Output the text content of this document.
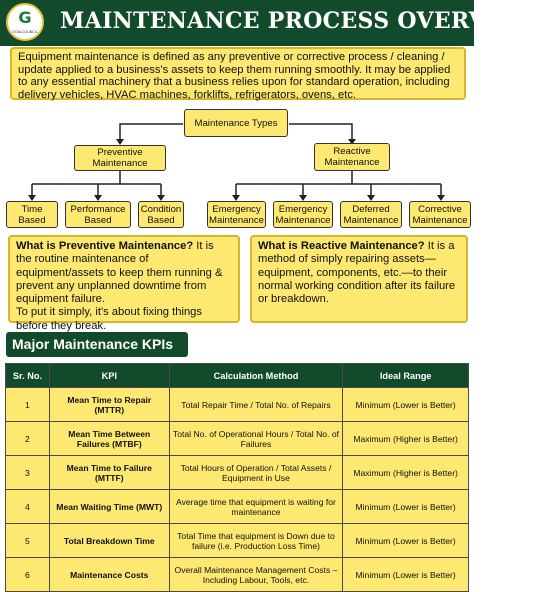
G
GOALCOUNCIL MAINTENANCE PROCESS OVERVIEW
Equipment maintenance is defined as any preventive or corrective process / cleaning / update applied to a business's assets to keep them running smoothly. It may be applied to any essential machinery that a business relies upon for standard operation, including delivery vehicles, HVAC machines, forklifts, refrigerators, ovens, etc.
Maintenance Types
Preventive Maintenance
Reactive Maintenance
Time Based
Performance Based
Condition Based
Emergency Maintenance
Emergency Maintenance
Deferred Maintenance
Corrective Maintenance
What is Preventive Maintenance? It is the routine maintenance of equipment/assets to keep them running & prevent any unplanned downtime from equipment failure.
To put it simply, it's about fixing things before they break.
What is Reactive Maintenance? It is a method of simply repairing assets—equipment, components, etc.—to their normal working condition after its failure or breakdown.
Major Maintenance KPIs
Sr. No.	KPI	Calculation Method	Ideal Range
1	Mean Time to Repair (MTTR)	Total Repair Time / Total No. of Repairs	Minimum (Lower is Better)
2	Mean Time Between Failures (MTBF)	Total No. of Operational Hours / Total No. of Failures	Maximum (Higher is Better)
3	Mean Time to Failure (MTTF)	Total Hours of Operation / Total Assets / Equipment in Use	Maximum (Higher is Better)
4	Mean Waiting Time (MWT)	Average time that equipment is waiting for maintenance	Minimum (Lower is Better)
5	Total Breakdown Time	Total Time that equipment is Down due to failure (i.e. Production Loss Time)	Minimum (Lower is Better)
6	Maintenance Costs	Overall Maintenance Management Costs – Including Labour, Tools, etc.	Minimum (Lower is Better)
